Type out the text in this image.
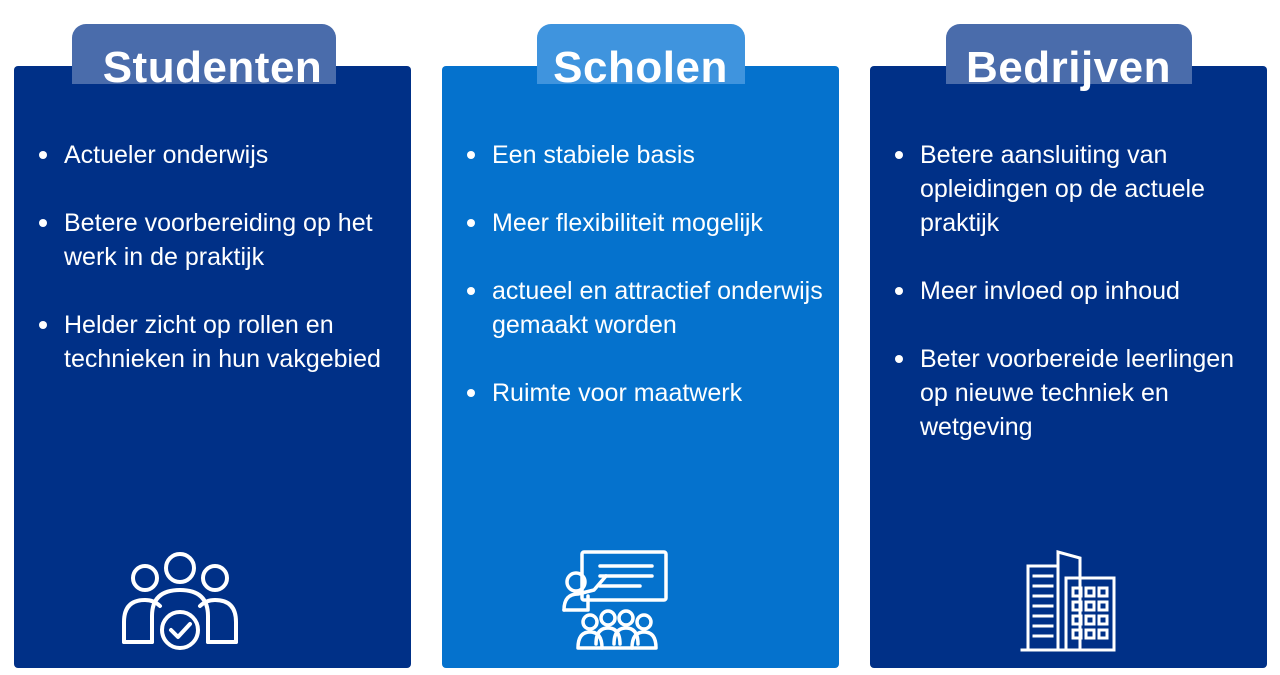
Actueler onderwijs
Betere voorbereiding op het werk in de praktijk
Helder zicht op rollen en technieken in hun vakgebied
Een stabiele basis
Meer flexibiliteit mogelijk
actueel en attractief onderwijs gemaakt worden
Ruimte voor maatwerk
Betere aansluiting van opleidingen op de actuele praktijk
Meer invloed op inhoud
Beter voorbereide leerlingen op nieuwe techniek en wetgeving
Studenten	Scholen	Bedrijven
